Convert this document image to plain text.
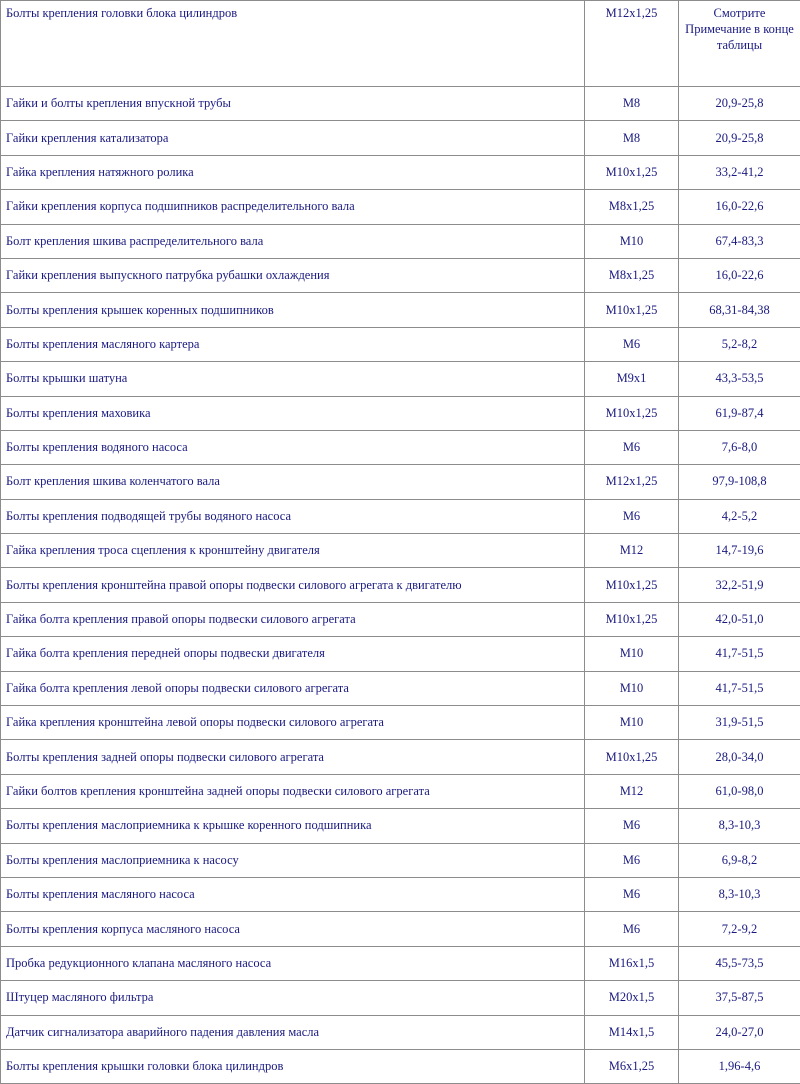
Болты крепления головки блока цилиндров	M12x1,25	Смотрите Примечание в конце таблицы
Гайки и болты крепления впускной трубы	M8	20,9-25,8
Гайки крепления катализатора	M8	20,9-25,8
Гайка крепления натяжного ролика	M10x1,25	33,2-41,2
Гайки крепления корпуса подшипников распределительного вала	M8x1,25	16,0-22,6
Болт крепления шкива распределительного вала	M10	67,4-83,3
Гайки крепления выпускного патрубка рубашки охлаждения	M8x1,25	16,0-22,6
Болты крепления крышек коренных подшипников	M10x1,25	68,31-84,38
Болты крепления масляного картера	M6	5,2-8,2
Болты крышки шатуна	M9x1	43,3-53,5
Болты крепления маховика	M10x1,25	61,9-87,4
Болты крепления водяного насоса	M6	7,6-8,0
Болт крепления шкива коленчатого вала	M12x1,25	97,9-108,8
Болты крепления подводящей трубы водяного насоса	M6	4,2-5,2
Гайка крепления троса сцепления к кронштейну двигателя	M12	14,7-19,6
Болты крепления кронштейна правой опоры подвески силового агрегата к двигателю	M10x1,25	32,2-51,9
Гайка болта крепления правой опоры подвески силового агрегата	M10x1,25	42,0-51,0
Гайка болта крепления передней опоры подвески двигателя	M10	41,7-51,5
Гайка болта крепления левой опоры подвески силового агрегата	M10	41,7-51,5
Гайка крепления кронштейна левой опоры подвески силового агрегата	M10	31,9-51,5
Болты крепления задней опоры подвески силового агрегата	M10x1,25	28,0-34,0
Гайки болтов крепления кронштейна задней опоры подвески силового агрегата	M12	61,0-98,0
Болты крепления маслоприемника к крышке коренного подшипника	M6	8,3-10,3
Болты крепления маслоприемника к насосу	M6	6,9-8,2
Болты крепления масляного насоса	M6	8,3-10,3
Болты крепления корпуса масляного насоса	M6	7,2-9,2
Пробка редукционного клапана масляного насоса	M16x1,5	45,5-73,5
Штуцер масляного фильтра	M20x1,5	37,5-87,5
Датчик сигнализатора аварийного падения давления масла	M14x1,5	24,0-27,0
Болты крепления крышки головки блока цилиндров	M6x1,25	1,96-4,6
